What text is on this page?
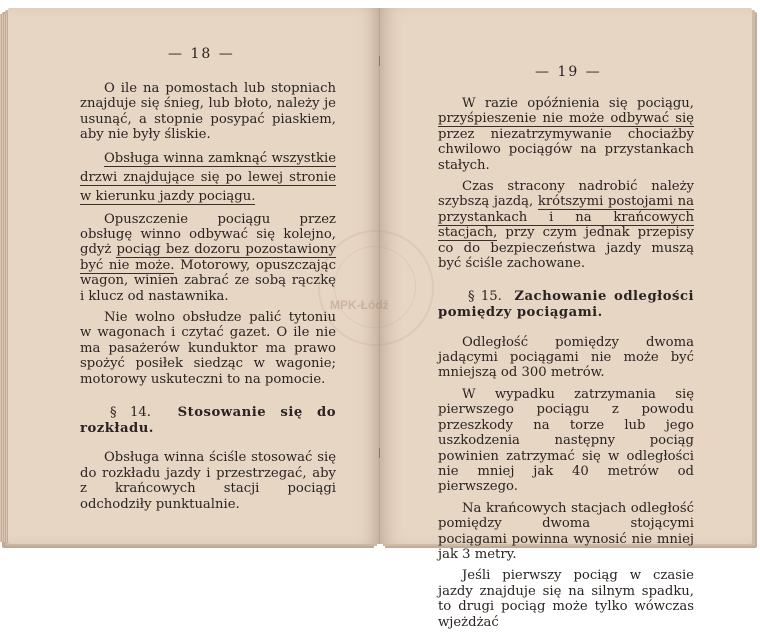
— 18 —

O ile na pomostach lub stopniach znajduje się śnieg, lub błoto, należy je usunąć, a stopnie posypać piaskiem, aby nie były śliskie.

Obsługa winna zamknąć wszystkie drzwi znajdujące się po lewej stronie w kierunku jazdy pociągu.

Opuszczenie pociągu przez obsługę winno odbywać się kolejno, gdyż pociąg bez dozoru pozostawiony być nie może. Motorowy, opuszczając wagon, winien zabrać ze sobą rączkę i klucz od nastawnika.

Nie wolno obsłudze palić tytoniu w wagonach i czytać gazet. O ile nie ma pasażerów kunduktor ma prawo spożyć posiłek siedząc w wagonie; motorowy uskuteczni to na pomocie.

§ 14. Stosowanie się do rozkładu.

Obsługa winna ściśle stosować się do rozkładu jazdy i przestrzegać, aby z krańcowych stacji pociągi odchodziły punktualnie.

— 19 —

W razie opóźnienia się pociągu, przyśpieszenie nie może odbywać się przez niezatrzymywanie chociażby chwilowo pociągów na przystankach stałych.

Czas stracony nadrobić należy szybszą jazdą, krótszymi postojami na przystankach i na krańcowych stacjach, przy czym jednak przepisy co do bezpieczeństwa jazdy muszą być ściśle zachowane.

§ 15. Zachowanie odległości pomiędzy pociągami.

Odległość pomiędzy dwoma jadącymi pociągami nie może być mniejszą od 300 metrów.

W wypadku zatrzymania się pierwszego pociągu z powodu przeszkody na torze lub jego uszkodzenia następny pociąg powinien zatrzymać się w odległości nie mniej jak 40 metrów od pierwszego.

Na krańcowych stacjach odległość pomiędzy dwoma stojącymi pociągami powinna wynosić nie mniej jak 3 metry.

Jeśli pierwszy pociąg w czasie jazdy znajduje się na silnym spadku, to drugi pociąg może tylko wówczas wjeżdżać

MPK-Łódź
